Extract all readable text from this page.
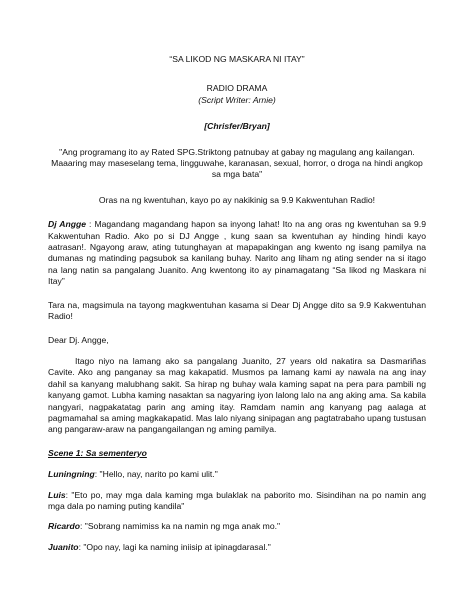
“SA LIKOD NG MASKARA NI ITAY”

RADIO DRAMA

(Script Writer: Arnie)

[Chrisfer/Bryan]

"Ang programang ito ay Rated SPG.Striktong patnubay at gabay ng magulang ang kailangan. Maaaring may maseselang tema, lingguwahe, karanasan, sexual, horror, o droga na hindi angkop sa mga bata"

Oras na ng kwentuhan, kayo po ay nakikinig sa 9.9 Kakwentuhan Radio!

Dj Angge : Magandang magandang hapon sa inyong lahat! Ito na ang oras ng kwentuhan sa 9.9 Kakwentuhan Radio. Ako po si DJ Angge , kung saan sa kwentuhan ay hinding hindi kayo aatrasan!. Ngayong araw, ating tutunghayan at mapapakingan ang kwento ng isang pamilya na dumanas ng matinding pagsubok sa kanilang buhay. Narito ang liham ng ating sender na si itago na lang natin sa pangalang Juanito. Ang kwentong ito ay pinamagatang “Sa likod ng Maskara ni Itay”

Tara na, magsimula na tayong magkwentuhan kasama si Dear Dj Angge dito sa 9.9 Kakwentuhan Radio!

Dear Dj. Angge,

Itago niyo na lamang ako sa pangalang Juanito, 27 years old nakatira sa Dasmariñas Cavite. Ako ang panganay sa mag kakapatid. Musmos pa lamang kami ay nawala na ang inay dahil sa kanyang malubhang sakit. Sa hirap ng buhay wala kaming sapat na pera para pambili ng kanyang gamot. Lubha kaming nasaktan sa nagyaring iyon lalong lalo na ang aking ama. Sa kabila nangyari, nagpakatatag parin ang aming itay. Ramdam namin ang kanyang pag aalaga at pagmamahal sa aming magkakapatid. Mas lalo niyang sinipagan ang pagtatrabaho upang tustusan ang pangaraw-araw na pangangailangan ng aming pamilya.

Scene 1: Sa sementeryo

Luningning: "Hello, nay, narito po kami ulit."

Luis: "Eto po, may mga dala kaming mga bulaklak na paborito mo. Sisindihan na po namin ang mga dala po naming puting kandila"

Ricardo: "Sobrang namimiss ka na namin ng mga anak mo."

Juanito: "Opo nay, lagi ka naming iniisip at ipinagdarasal."
